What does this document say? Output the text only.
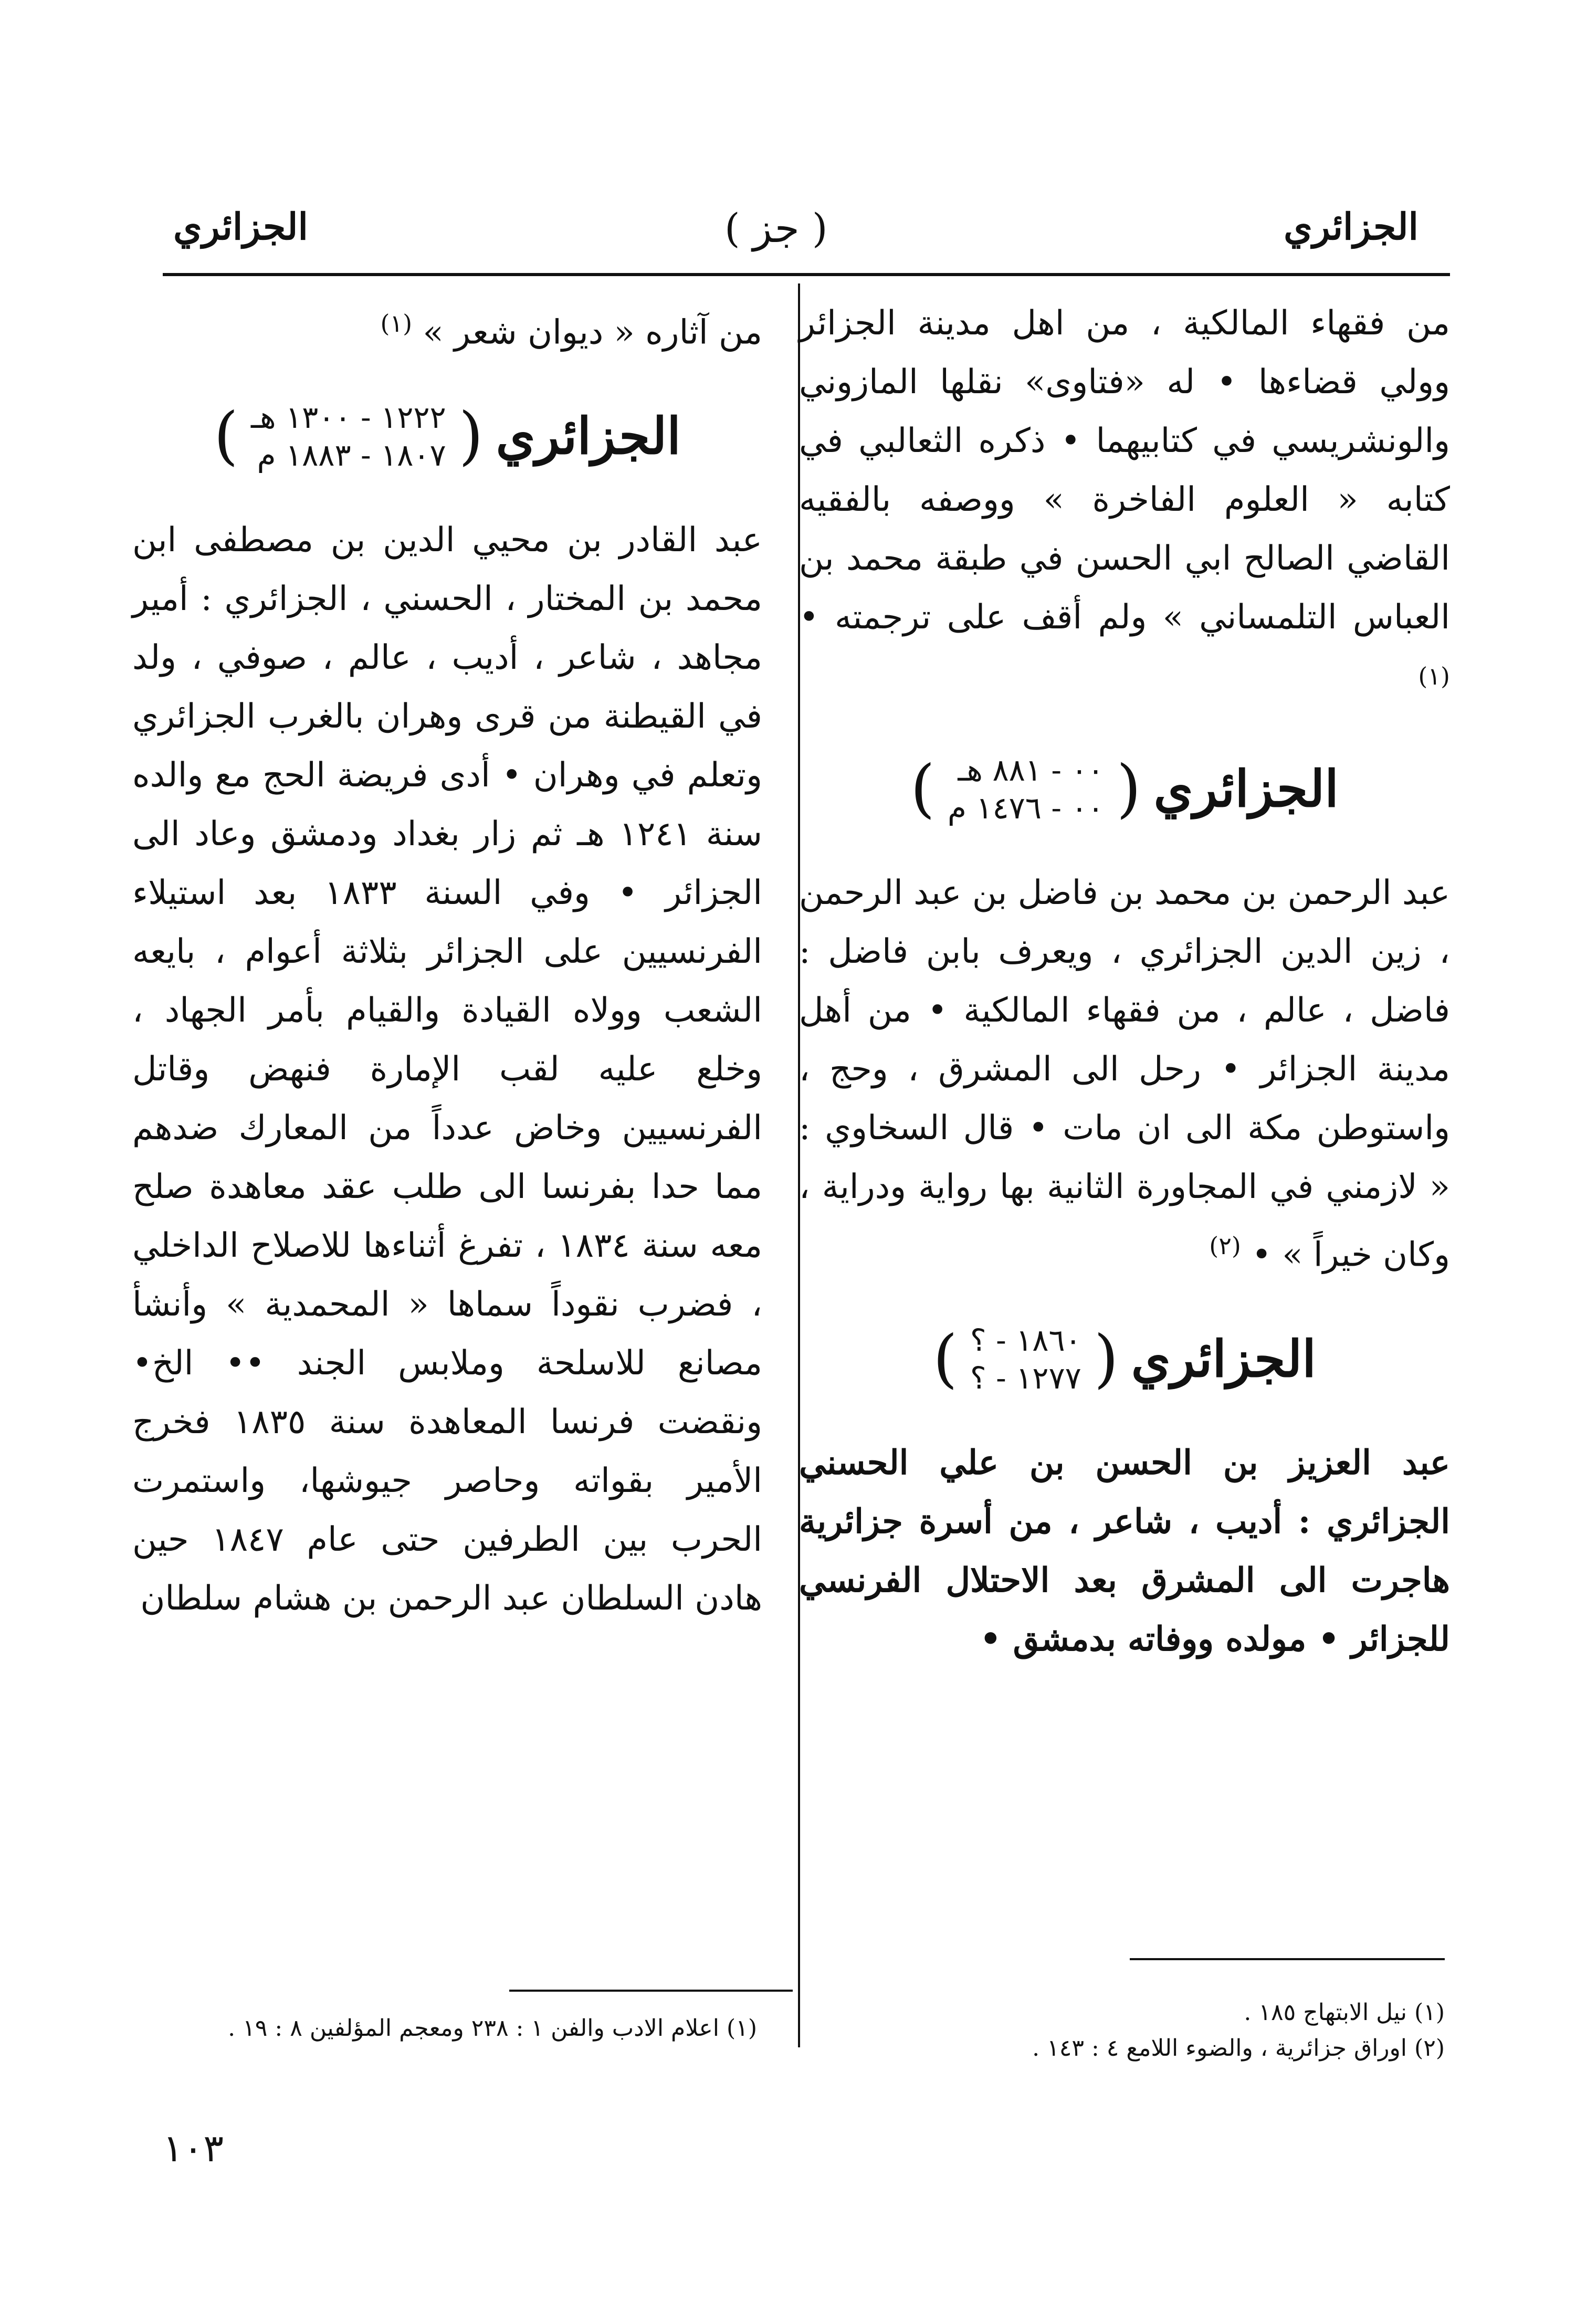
الجزائري
( جز )
الجزائري

من فقهاء المالكية ، من اهل مدينة الجزائر وولي قضاءها • له «فتاوى» نقلها المازوني والونشريسي في كتابيهما • ذكره الثعالبي في كتابه « العلوم الفاخرة » ووصفه بالفقيه القاضي الصالح ابي الحسن في طبقة محمد بن العباس التلمساني » ولم أقف على ترجمته • $^{(١)}$

الجزائري
(
٠٠ - ٨٨١ هـ
٠٠ - ١٤٧٦ م
)

عبد الرحمن بن محمد بن فاضل بن عبد الرحمن ، زين الدين الجزائري ، ويعرف بابن فاضل : فاضل ، عالم ، من فقهاء المالكية • من أهل مدينة الجزائر • رحل الى المشرق ، وحج ، واستوطن مكة الى ان مات • قال السخاوي : « لازمني في المجاورة الثانية بها رواية ودراية ، وكان خيراً » • $^{(٢)}$

الجزائري
(
١٨٦٠ - ؟
١٢٧٧ - ؟
)

عبد العزيز بن الحسن بن علي الحسني الجزائري : أديب ، شاعر ، من أسرة جزائرية هاجرت الى المشرق بعد الاحتلال الفرنسي للجزائر • مولده ووفاته بدمشق •

من آثاره « ديوان شعر » $^{(١)}$

الجزائري
(
١٢٢٢ - ١٣٠٠ هـ
١٨٠٧ - ١٨٨٣ م
)

عبد القادر بن محيي الدين بن مصطفى ابن محمد بن المختار ، الحسني ، الجزائري : أمير مجاهد ، شاعر ، أديب ، عالم ، صوفي ، ولد في القيطنة من قرى وهران بالغرب الجزائري وتعلم في وهران • أدى فريضة الحج مع والده سنة ١٢٤١ هـ ثم زار بغداد ودمشق وعاد الى الجزائر • وفي السنة ١٨٣٣ بعد استيلاء الفرنسيين على الجزائر بثلاثة أعوام ، بايعه الشعب وولاه القيادة والقيام بأمر الجهاد ، وخلع عليه لقب الإمارة فنهض وقاتل الفرنسيين وخاض عدداً من المعارك ضدهم مما حدا بفرنسا الى طلب عقد معاهدة صلح معه سنة ١٨٣٤ ، تفرغ أثناءها للاصلاح الداخلي ، فضرب نقوداً سماها « المحمدية » وأنشأ مصانع للاسلحة وملابس الجند •• الخ• ونقضت فرنسا المعاهدة سنة ١٨٣٥ فخرج الأمير بقواته وحاصر جيوشها، واستمرت الحرب بين الطرفين حتى عام ١٨٤٧ حين هادن السلطان عبد الرحمن بن هشام سلطان

(١) اعلام الادب والفن ١ : ٢٣٨ ومعجم المؤلفين ٨ : ١٩ .
(١) نيل الابتهاج ١٨٥ .
(٢) اوراق جزائرية ، والضوء اللامع ٤ : ١٤٣ .
١٠٣
